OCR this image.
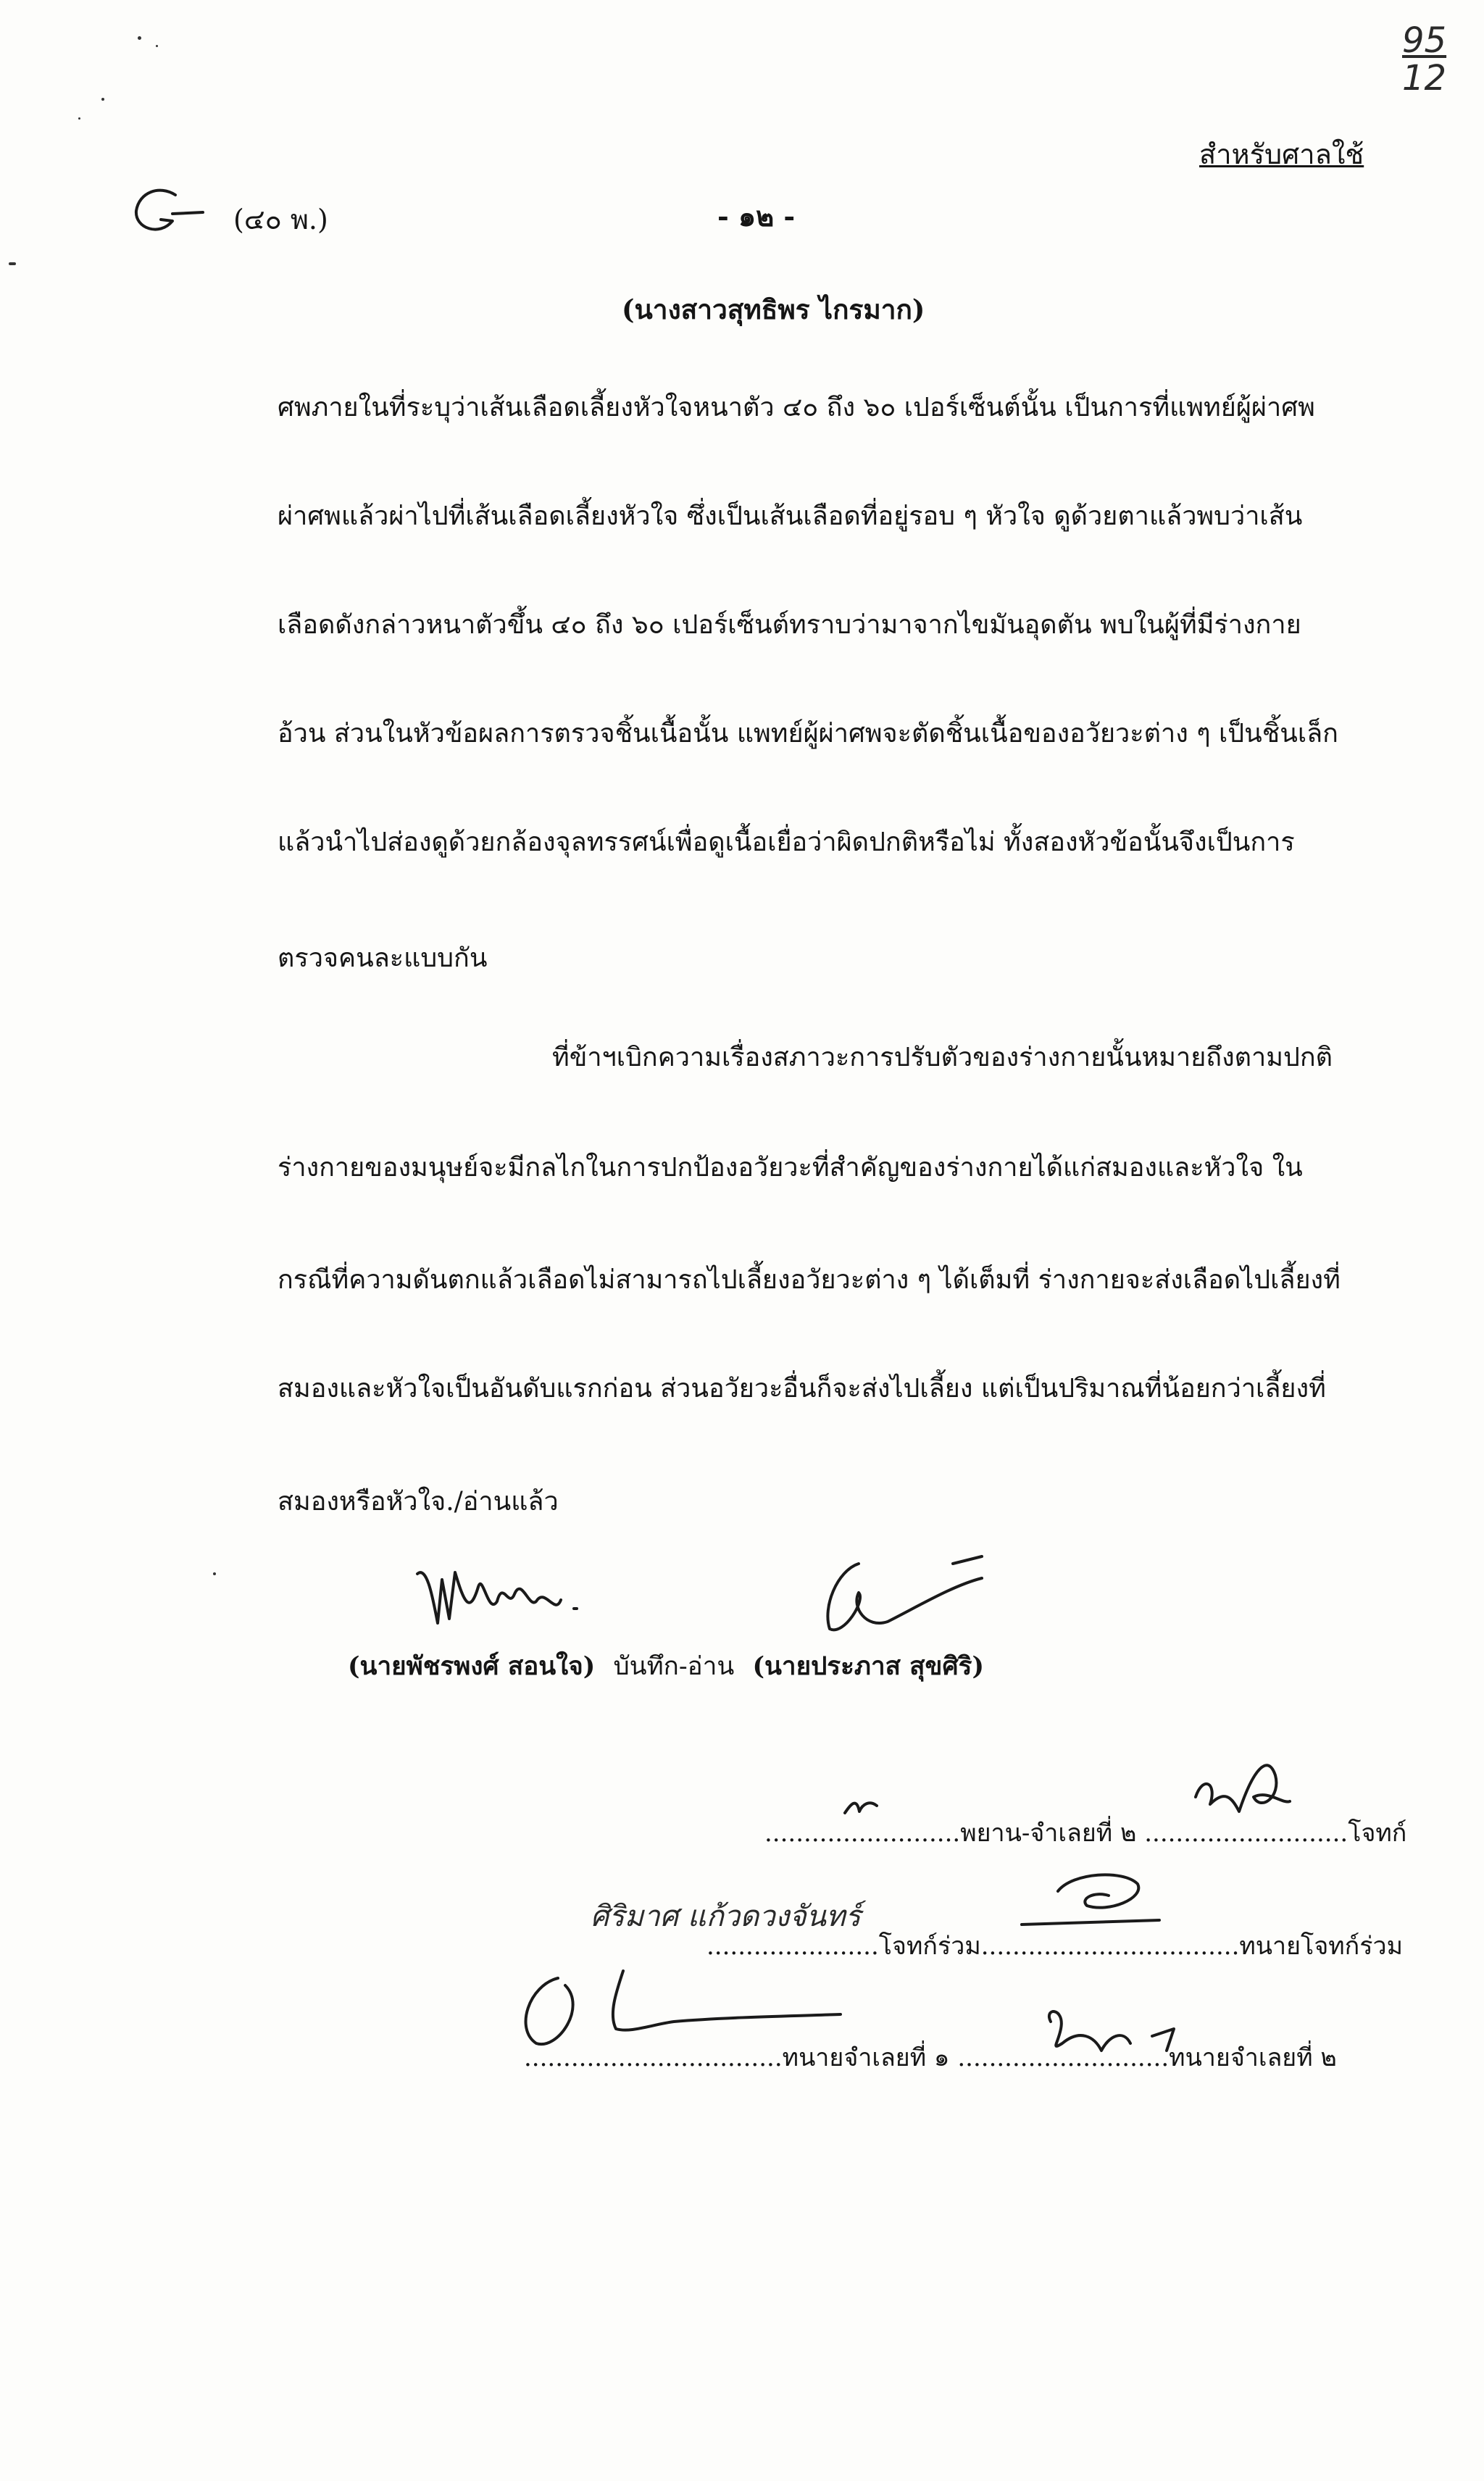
95
12
สำหรับศาลใช้
(๔๐ พ.)	- ๑๒ -
(นางสาวสุทธิพร ไกรมาก)
ศพภายในที่ระบุว่าเส้นเลือดเลี้ยงหัวใจหนาตัว ๔๐ ถึง ๖๐ เปอร์เซ็นต์นั้น เป็นการที่แพทย์ผู้ผ่าศพ
ผ่าศพแล้วผ่าไปที่เส้นเลือดเลี้ยงหัวใจ ซึ่งเป็นเส้นเลือดที่อยู่รอบ ๆ หัวใจ ดูด้วยตาแล้วพบว่าเส้น
เลือดดังกล่าวหนาตัวขึ้น ๔๐ ถึง ๖๐ เปอร์เซ็นต์ทราบว่ามาจากไขมันอุดตัน พบในผู้ที่มีร่างกาย
อ้วน ส่วนในหัวข้อผลการตรวจชิ้นเนื้อนั้น แพทย์ผู้ผ่าศพจะตัดชิ้นเนื้อของอวัยวะต่าง ๆ เป็นชิ้นเล็ก
แล้วนำไปส่องดูด้วยกล้องจุลทรรศน์เพื่อดูเนื้อเยื่อว่าผิดปกติหรือไม่ ทั้งสองหัวข้อนั้นจึงเป็นการ
ตรวจคนละแบบกัน
ที่ข้าฯเบิกความเรื่องสภาวะการปรับตัวของร่างกายนั้นหมายถึงตามปกติ
ร่างกายของมนุษย์จะมีกลไกในการปกป้องอวัยวะที่สำคัญของร่างกายได้แก่สมองและหัวใจ ใน
กรณีที่ความดันตกแล้วเลือดไม่สามารถไปเลี้ยงอวัยวะต่าง ๆ ได้เต็มที่ ร่างกายจะส่งเลือดไปเลี้ยงที่
สมองและหัวใจเป็นอันดับแรกก่อน ส่วนอวัยวะอื่นก็จะส่งไปเลี้ยง แต่เป็นปริมาณที่น้อยกว่าเลี้ยงที่
สมองหรือหัวใจ./อ่านแล้ว
(นายพัชรพงศ์ สอนใจ) บันทึก-อ่าน (นายประภาส สุขศิริ)
.........................พยาน-จำเลยที่ ๒ ..........................โจทก์
ศิริมาศ แก้วดวงจันทร์
......................โจทก์ร่วม.................................ทนายโจทก์ร่วม
.................................ทนายจำเลยที่ ๑ ...........................ทนายจำเลยที่ ๒
